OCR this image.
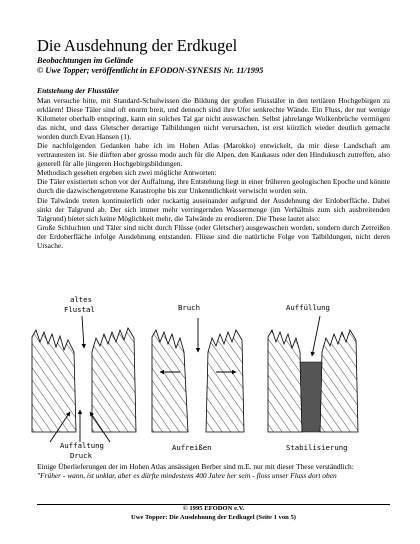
Die Ausdehnung der Erdkugel
Beobachtungen im Gelände
© Uwe Topper; veröffentlicht in EFODON-SYNESIS Nr. 11/1995
Entstehung der Flusstäler

Man versuche bitte, mit Standard-Schulwissen die Bildung der großen Flusstäler in den tertiären Hochgebirgen zu erklären! Diese Täler sind oft enorm breit, und dennoch sind ihre Ufer senkrechte Wände. Ein Fluss, der nur wenige Kilometer oberhalb entspringt, kann ein solches Tal gar nicht auswaschen. Selbst jahrelange Wolkenbrüche vermögen das nicht, und dass Gletscher derartige Talbildungen nicht verursachen, ist erst kürzlich wieder deutlich gemacht worden durch Evan Hansen (1).

Die nachfolgenden Gedanken habe ich im Hohen Atlas (Marokko) entwickelt, da mir diese Landschaft am vertrautesten ist. Sie dürften aber grosso modo auch für die Alpen, den Kaukasus oder den Hindukusch zutreffen, also generell für alle jüngeren Hochgebirgsbildungen.

Methodisch gesehen ergeben sich zwei mögliche Antworten:

Die Täler existierten schon vor der Auffaltung, ihre Entstehung liegt in einer früheren geologischen Epoche und könnte durch die dazwischengetretene Katastrophe bis zur Unkenntlichkeit verwischt worden sein.

Die Talwände treten kontinuierlich oder ruckartig auseinander aufgrund der Ausdehnung der Erdoberfläche. Dabei sinkt der Talgrund ab. Der sich immer mehr verringernden Wassermenge (im Verhältnis zum sich ausbreitenden Talgrund) bietet sich keine Möglichkeit mehr, die Talwände zu erodieren. Die These lautet also:

Große Schluchten und Täler sind nicht durch Flüsse (oder Gletscher) ausgewaschen worden, sondern durch Zerreißen der Erdoberfläche infolge Ausdehnung entstanden. Flüsse sind die natürliche Folge von Talbildungen, nicht deren Ursache.

altes
Flustal
Auffaltung
Druck
Bruch
Aufreißen
Auffüllung
Stabilisierung

Einige Überlieferungen der im Hohen Atlas ansässigen Berber sind m.E. nur mit dieser These verständlich:

"Früher - wann, ist unklar, aber es dürfte mindestens 400 Jahre her sein - floss unser Fluss dort oben

© 1995 EFODON e.V.
Uwe Topper: Die Ausdehnung der Erdkugel (Seite 1 von 5)
